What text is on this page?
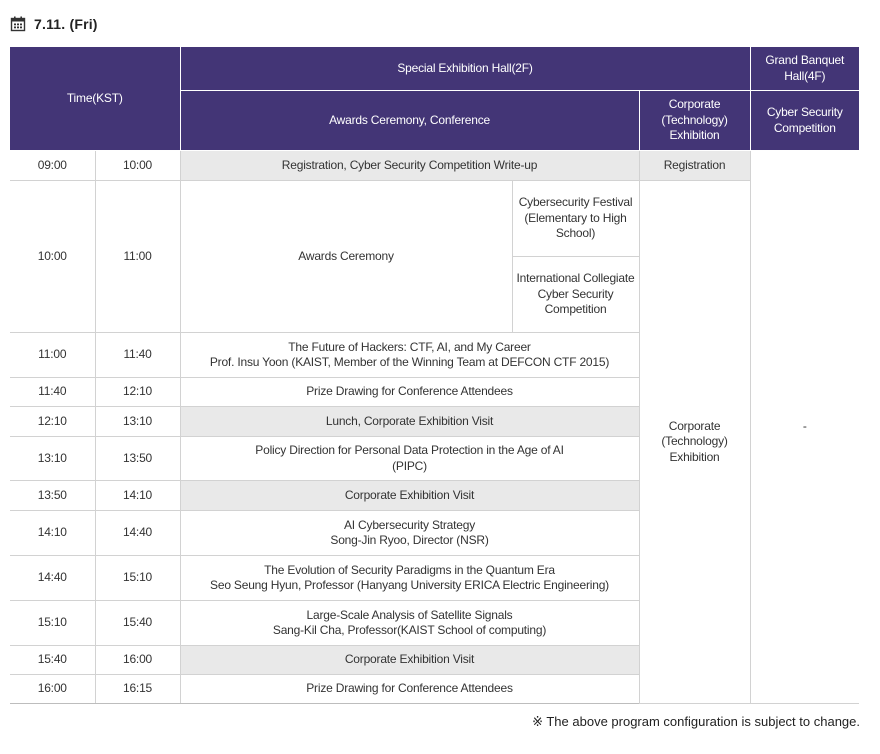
7.11. (Fri)
Time(KST)		Special Exhibition Hall(2F)			Grand Banquet Hall(4F)
		Awards Ceremony, Conference		Corporate (Technology) Exhibition	Cyber Security Competition
09:00	10:00	Registration, Cyber Security Competition Write-up		Registration	-
10:00	11:00	Awards Ceremony	Cybersecurity Festival (Elementary to High School)	Corporate (Technology) Exhibition	
			International Collegiate Cyber Security Competition		
11:00	11:40	The Future of Hackers: CTF, AI, and My Career
Prof. Insu Yoon (KAIST, Member of the Winning Team at DEFCON CTF 2015)			

11:40	12:10	Prize Drawing for Conference Attendees			
12:10	13:10	Lunch, Corporate Exhibition Visit			
13:10	13:50	Policy Direction for Personal Data Protection in the Age of AI
(PIPC)			

13:50	14:10	Corporate Exhibition Visit			
14:10	14:40	AI Cybersecurity Strategy
Song-Jin Ryoo, Director (NSR)			

14:40	15:10	The Evolution of Security Paradigms in the Quantum Era
Seo Seung Hyun, Professor (Hanyang University ERICA Electric Engineering)			

15:10	15:40	Large-Scale Analysis of Satellite Signals
Sang-Kil Cha, Professor(KAIST School of computing)			

15:40	16:00	Corporate Exhibition Visit			
16:00	16:15	Prize Drawing for Conference Attendees			
※ The above program configuration is subject to change.
